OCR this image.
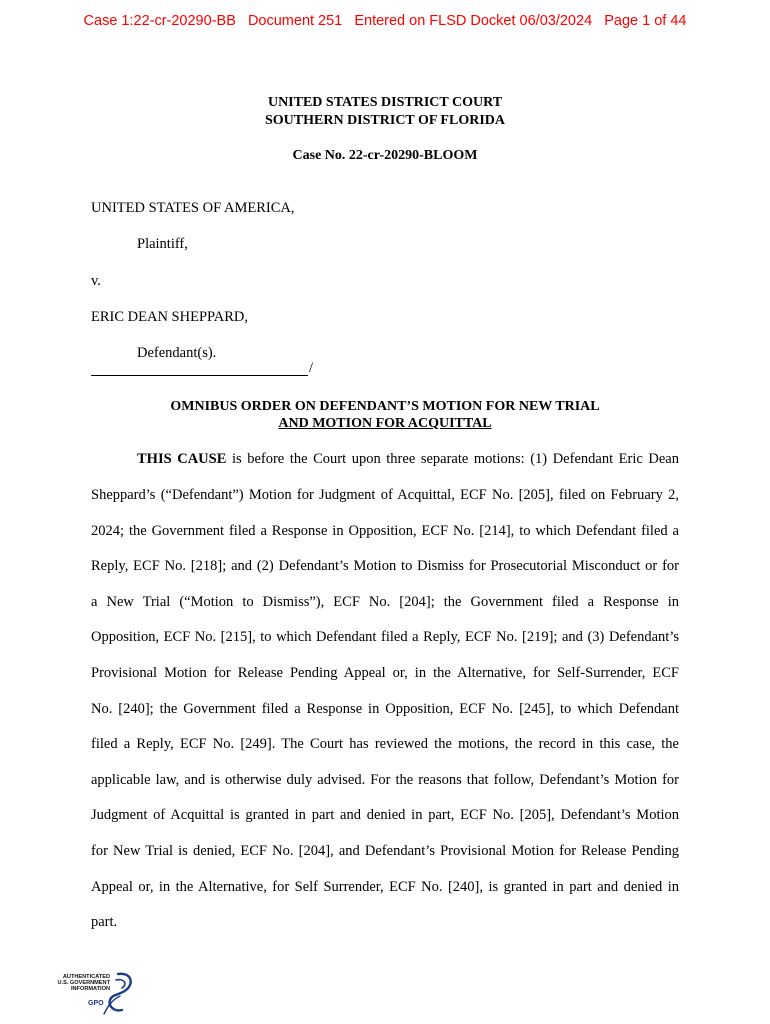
Case 1:22-cr-20290-BB   Document 251   Entered on FLSD Docket 06/03/2024   Page 1 of 44
UNITED STATES DISTRICT COURT
SOUTHERN DISTRICT OF FLORIDA
Case No. 22-cr-20290-BLOOM
UNITED STATES OF AMERICA,
Plaintiff,
v.
ERIC DEAN SHEPPARD,
Defendant(s).
/
OMNIBUS ORDER ON DEFENDANT’S MOTION FOR NEW TRIAL
AND MOTION FOR ACQUITTAL
THIS CAUSE is before the Court upon three separate motions: (1) Defendant Eric Dean
Sheppard’s (“Defendant”) Motion for Judgment of Acquittal, ECF No. [205], filed on February 2,
2024; the Government filed a Response in Opposition, ECF No. [214], to which Defendant filed a
Reply, ECF No. [218]; and (2) Defendant’s Motion to Dismiss for Prosecutorial Misconduct or for
a New Trial (“Motion to Dismiss”), ECF No. [204]; the Government filed a Response in
Opposition, ECF No. [215], to which Defendant filed a Reply, ECF No. [219]; and (3) Defendant’s
Provisional Motion for Release Pending Appeal or, in the Alternative, for Self-Surrender, ECF
No. [240]; the Government filed a Response in Opposition, ECF No. [245], to which Defendant
filed a Reply, ECF No. [249]. The Court has reviewed the motions, the record in this case, the
applicable law, and is otherwise duly advised. For the reasons that follow, Defendant’s Motion for
Judgment of Acquittal is granted in part and denied in part, ECF No. [205], Defendant’s Motion
for New Trial is denied, ECF No. [204], and Defendant’s Provisional Motion for Release Pending
Appeal or, in the Alternative, for Self Surrender, ECF No. [240], is granted in part and denied in
part.
AUTHENTICATED
U.S. GOVERNMENT
INFORMATION
GPO
